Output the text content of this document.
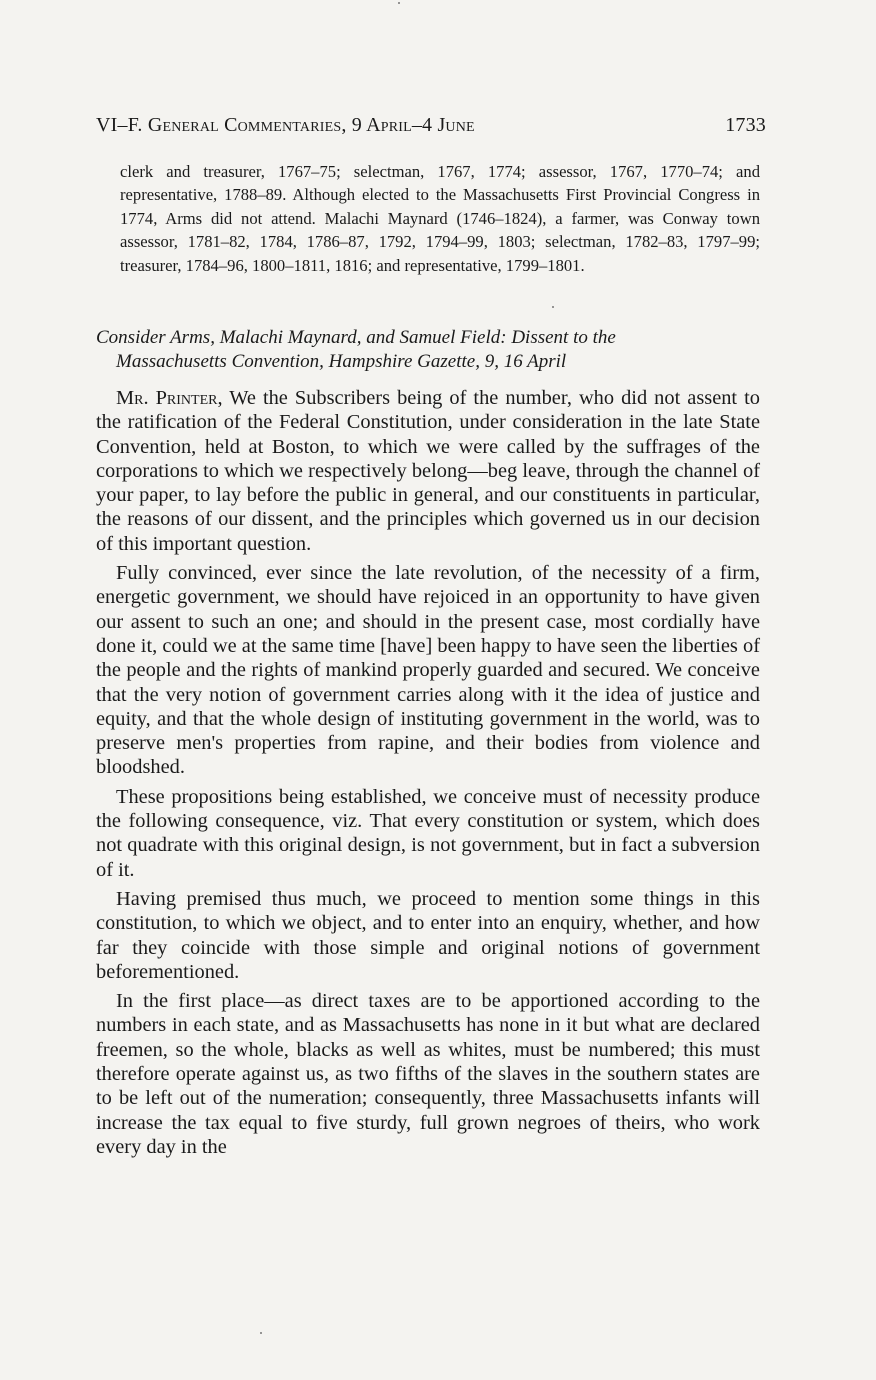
VI–F. General Commentaries, 9 April–4 June	1733

clerk and treasurer, 1767–75; selectman, 1767, 1774; assessor, 1767, 1770–74; and representative, 1788–89. Although elected to the Massachusetts First Provincial Congress in 1774, Arms did not attend. Malachi Maynard (1746–1824), a farmer, was Conway town assessor, 1781–82, 1784, 1786–87, 1792, 1794–99, 1803; selectman, 1782–83, 1797–99; treasurer, 1784–96, 1800–1811, 1816; and representative, 1799–1801.

Consider Arms, Malachi Maynard, and Samuel Field: Dissent to the
Massachusetts Convention, Hampshire Gazette, 9, 16 April

Mr. Printer, We the Subscribers being of the number, who did not assent to the ratification of the Federal Constitution, under consideration in the late State Convention, held at Boston, to which we were called by the suffrages of the corporations to which we respectively belong—beg leave, through the channel of your paper, to lay before the public in general, and our constituents in particular, the reasons of our dissent, and the principles which governed us in our decision of this important question.

Fully convinced, ever since the late revolution, of the necessity of a firm, energetic government, we should have rejoiced in an opportunity to have given our assent to such an one; and should in the present case, most cordially have done it, could we at the same time [have] been happy to have seen the liberties of the people and the rights of mankind properly guarded and secured. We conceive that the very notion of government carries along with it the idea of justice and equity, and that the whole design of instituting government in the world, was to preserve men's properties from rapine, and their bodies from violence and bloodshed.

These propositions being established, we conceive must of necessity produce the following consequence, viz. That every constitution or system, which does not quadrate with this original design, is not government, but in fact a subversion of it.

Having premised thus much, we proceed to mention some things in this constitution, to which we object, and to enter into an enquiry, whether, and how far they coincide with those simple and original notions of government beforementioned.

In the first place—as direct taxes are to be apportioned according to the numbers in each state, and as Massachusetts has none in it but what are declared freemen, so the whole, blacks as well as whites, must be numbered; this must therefore operate against us, as two fifths of the slaves in the southern states are to be left out of the numeration; consequently, three Massachusetts infants will increase the tax equal to five sturdy, full grown negroes of theirs, who work every day in the
